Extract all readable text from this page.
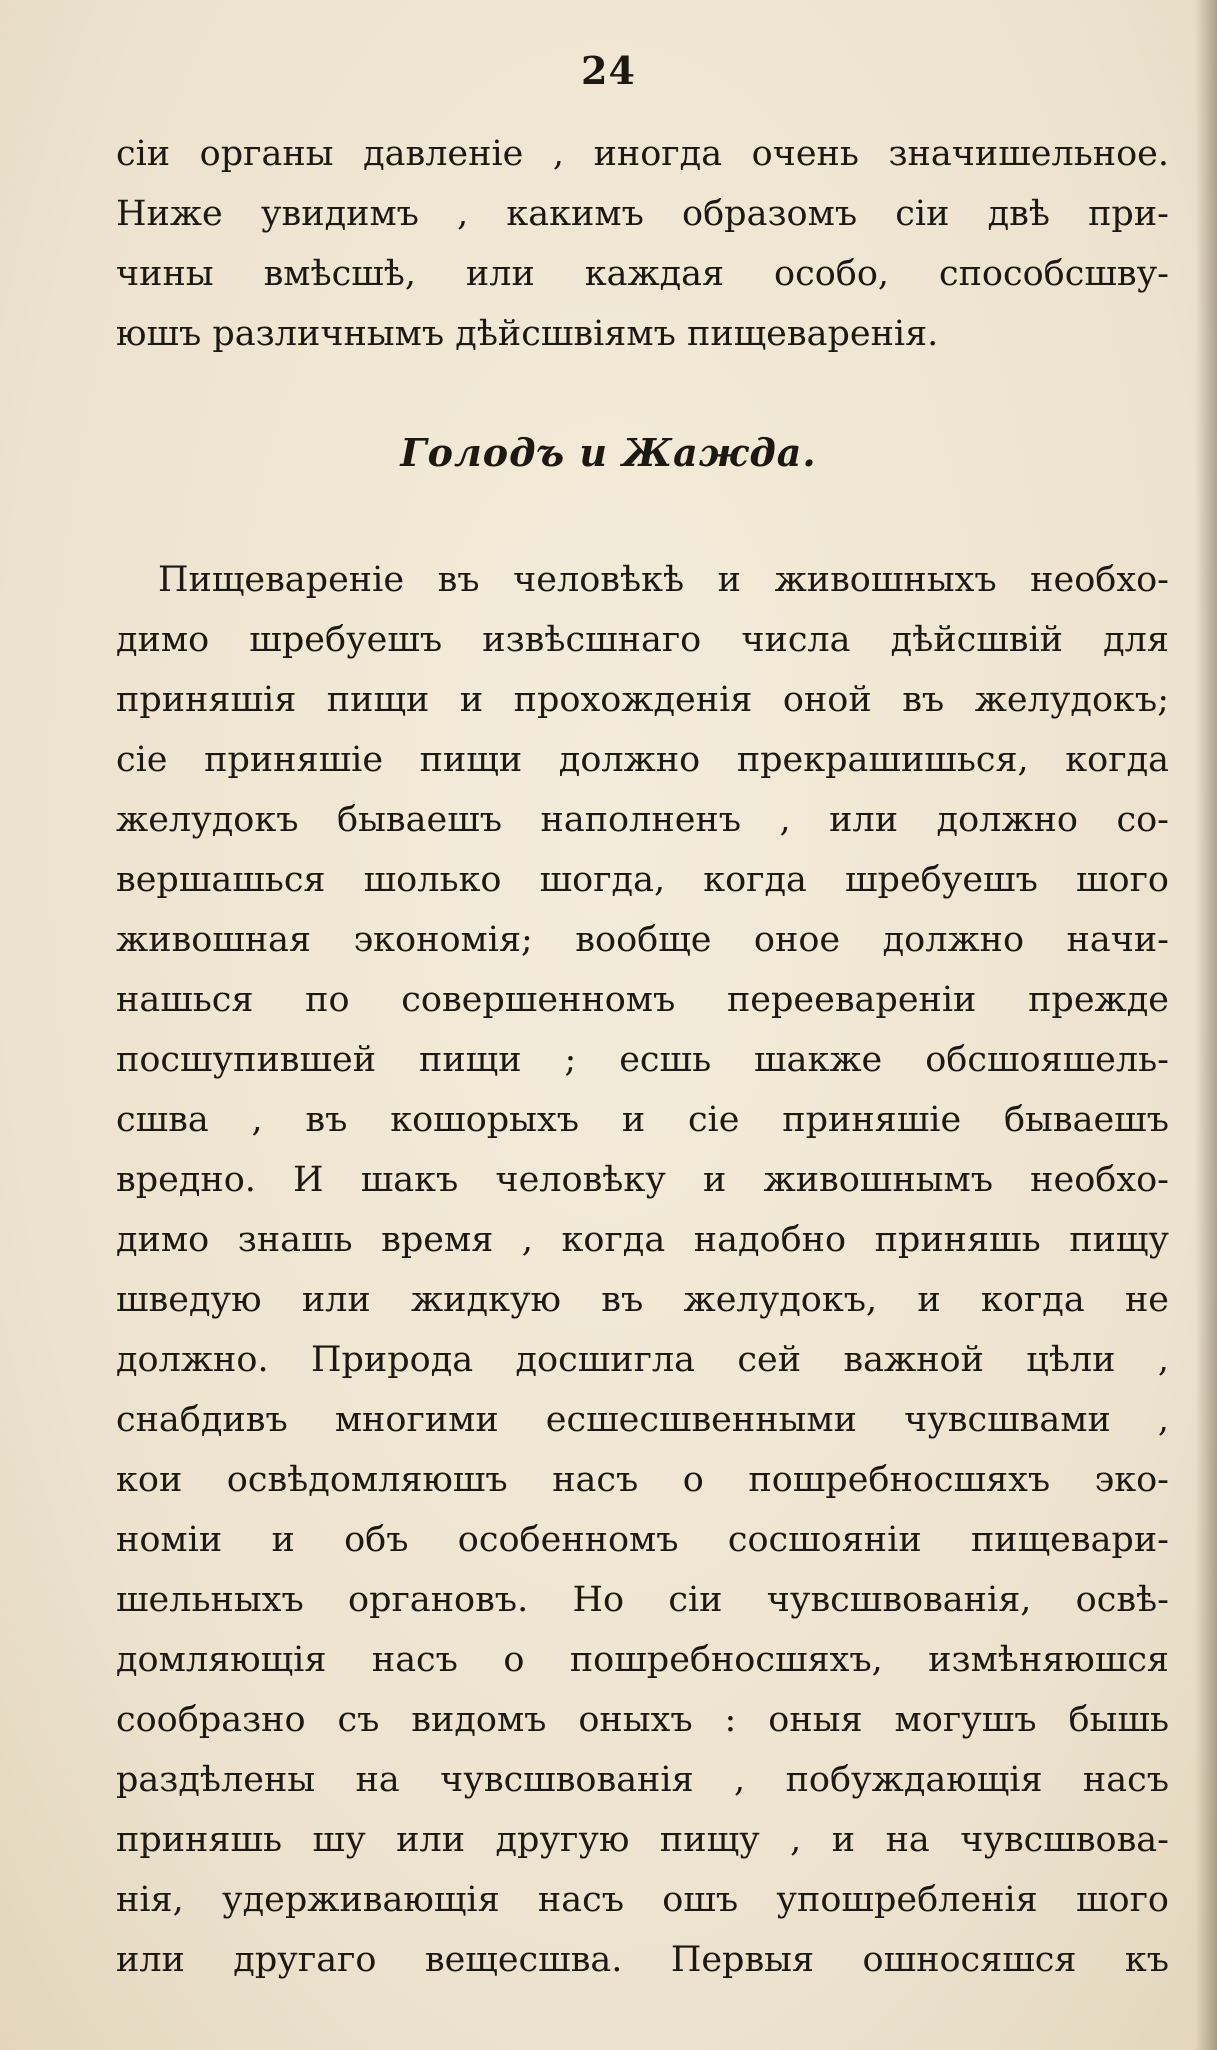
24
сіи органы давленіе , иногда очень значишельное.
Ниже увидимъ , какимъ образомъ сіи двѣ при-
чины вмѣсшѣ, или каждая особо, способсшву-
юшъ различнымъ дѣйсшвіямъ пищеваренія.
Голодъ и Жажда.
Пищевареніе въ человѣкѣ и живошныхъ необхо-
димо шребуешъ извѣсшнаго числа дѣйсшвій для
приняшія пищи и прохожденія оной въ желудокъ;
сіе приняшіе пищи должно прекрашишься, когда
желудокъ бываешъ наполненъ , или должно со-
вершашься шолько шогда, когда шребуешъ шого
живошная экономія; вообще оное должно начи-
нашься по совершенномъ переевареніи прежде
посшупившей пищи ; есшь шакже обсшояшель-
сшва , въ кошорыхъ и сіе приняшіе бываешъ
вредно. И шакъ человѣку и живошнымъ необхо-
димо знашь время , когда надобно приняшь пищу
шведую или жидкую въ желудокъ, и когда не
должно. Природа досшигла сей важной цѣли ,
снабдивъ многими есшесшвенными чувсшвами ,
кои освѣдомляюшъ насъ о пошребносшяхъ эко-
номіи и объ особенномъ сосшояніи пищевари-
шельныхъ органовъ. Но сіи чувсшвованія, освѣ-
домляющія насъ о пошребносшяхъ, измѣняюшся
сообразно съ видомъ оныхъ : оныя могушъ бышь
раздѣлены на чувсшвованія , побуждающія насъ
приняшь шу или другую пищу , и на чувсшвова-
нія, удерживающія насъ ошъ упошребленія шого
или другаго вещесшва. Первыя ошносяшся къ
